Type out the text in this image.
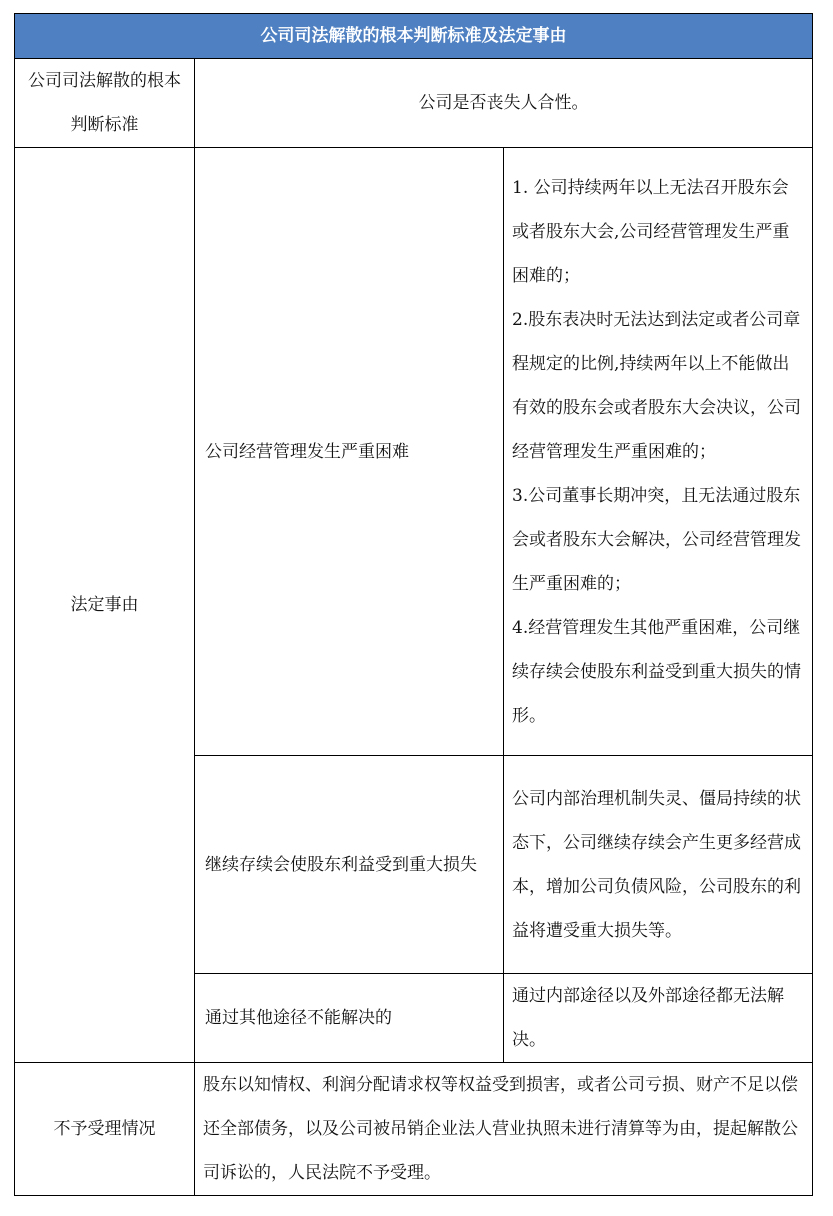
公司司法解散的根本判断标准及法定事由		
公司司法解散的根本判断标准	公司是否丧失人合性。	
法定事由	公司经营管理发生严重困难	1. 公司持续两年以上无法召开股东会或者股东大会,公司经营管理发生严重困难的；
2.股东表决时无法达到法定或者公司章程规定的比例,持续两年以上不能做出有效的股东会或者股东大会决议，公司经营管理发生严重困难的；
3.公司董事长期冲突，且无法通过股东会或者股东大会解决，公司经营管理发生严重困难的；
4.经营管理发生其他严重困难，公司继续存续会使股东利益受到重大损失的情形。

	继续存续会使股东利益受到重大损失	公司内部治理机制失灵、僵局持续的状态下，公司继续存续会产生更多经营成本，增加公司负债风险，公司股东的利益将遭受重大损失等。

	通过其他途径不能解决的	通过内部途径以及外部途径都无法解决。

不予受理情况	股东以知情权、利润分配请求权等权益受到损害，或者公司亏损、财产不足以偿还全部债务，以及公司被吊销企业法人营业执照未进行清算等为由，提起解散公司诉讼的，人民法院不予受理。	
